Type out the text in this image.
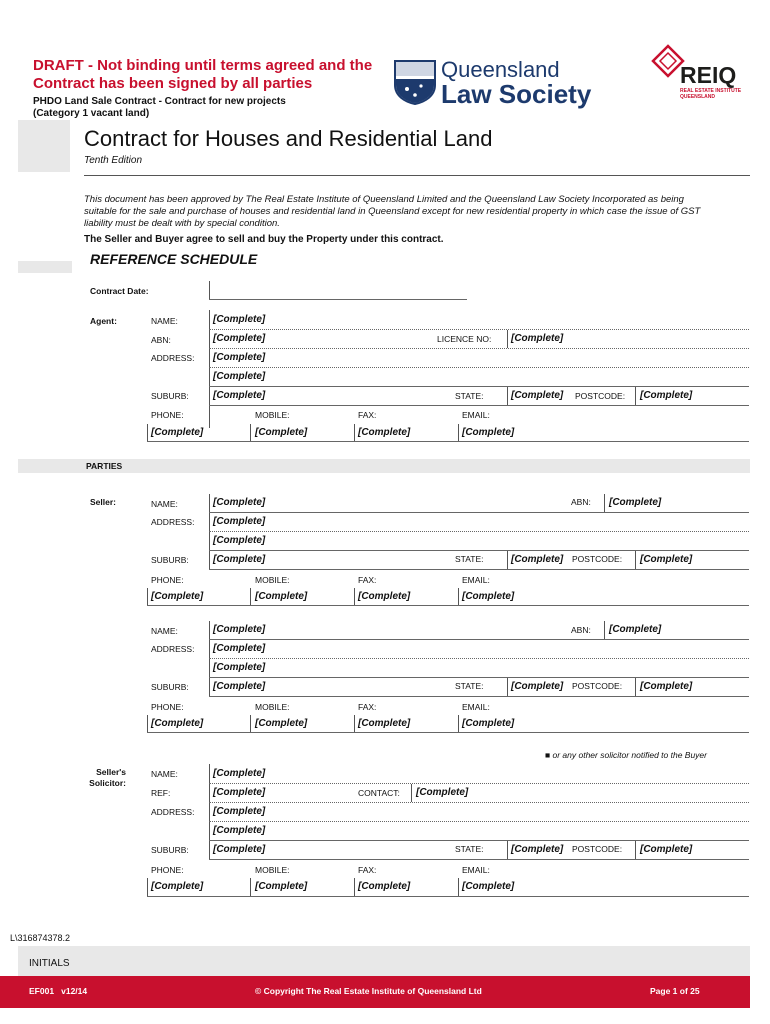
DRAFT - Not binding until terms agreed and the
Contract has been signed by all parties
PHDO Land Sale Contract - Contract for new projects
(Category 1 vacant land)
Queensland
Law Society
REIQ
REAL ESTATE INSTITUTE
QUEENSLAND
Contract for Houses and Residential Land
Tenth Edition
This document has been approved by The Real Estate Institute of Queensland Limited and the Queensland Law Society Incorporated as being suitable for the sale and purchase of houses and residential land in Queensland except for new residential property in which case the issue of GST liability must be dealt with by special condition.
The Seller and Buyer agree to sell and buy the Property under this contract.
REFERENCE SCHEDULE
Contract Date:
Agent:	NAME:	[Complete]
ABN:	[Complete]	LICENCE NO: [Complete]
ADDRESS: [Complete]
[Complete]
SUBURB: [Complete]	STATE:	[Complete] POSTCODE: [Complete]
PHONE:	MOBILE:	FAX:	EMAIL:
[Complete]	[Complete]	[Complete]	[Complete]
PARTIES
Seller:	NAME:	[Complete]	ABN: [Complete]
ADDRESS: [Complete]
[Complete]
SUBURB: [Complete]	STATE:	[Complete] POSTCODE: [Complete]
PHONE:	MOBILE:	FAX:	EMAIL:
[Complete]	[Complete]	[Complete]	[Complete]
NAME:	[Complete]	ABN: [Complete]
ADDRESS: [Complete]
[Complete]
SUBURB: [Complete]	STATE:	[Complete] POSTCODE: [Complete]
PHONE:	MOBILE:	FAX:	EMAIL:
[Complete]	[Complete]	[Complete]	[Complete]
■ or any other solicitor notified to the Buyer
Seller's
Solicitor:
NAME:	[Complete]
REF:	[Complete]	CONTACT: [Complete]
ADDRESS: [Complete]
[Complete]
SUBURB: [Complete]	STATE:	[Complete] POSTCODE: [Complete]
PHONE:	MOBILE:	FAX:	EMAIL:
[Complete]	[Complete]	[Complete]	[Complete]
L\316874378.2
INITIALS
EF001   v12/14	© Copyright The Real Estate Institute of Queensland Ltd	Page 1 of 25
